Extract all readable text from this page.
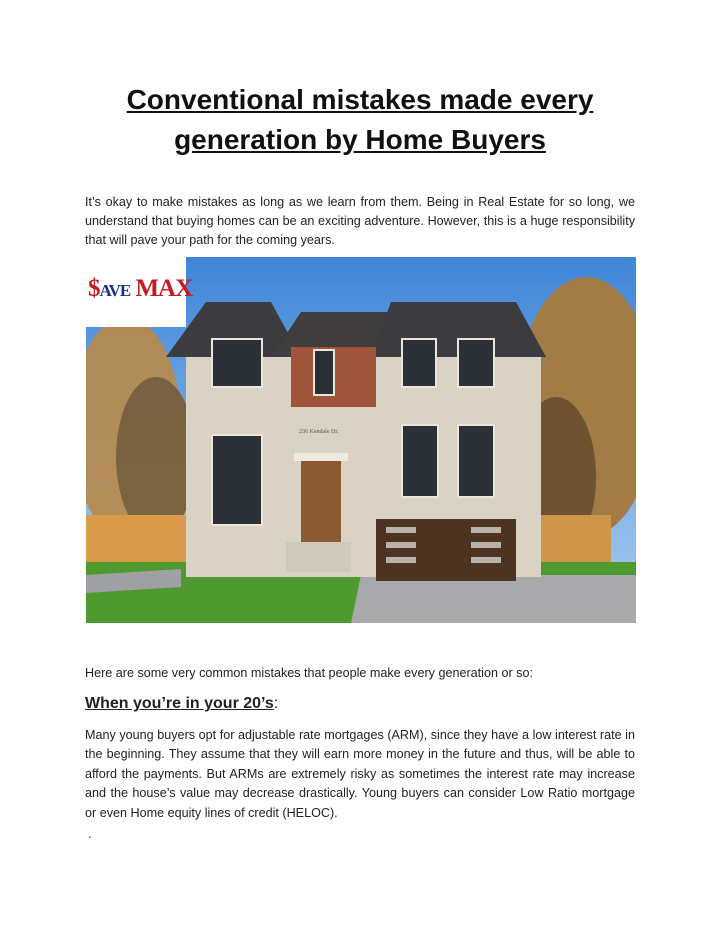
Conventional mistakes made every generation by Home Buyers

It’s okay to make mistakes as long as we learn from them. Being in Real Estate for so long, we understand that buying homes can be an exciting adventure. However, this is a huge responsibility that will pave your path for the coming years.

$AVE MAX
236 Kendale Dr.

Here are some very common mistakes that people make every generation or so:

When you’re in your 20’s:

Many young buyers opt for adjustable rate mortgages (ARM), since they have a low interest rate in the beginning. They assume that they will earn more money in the future and thus, will be able to afford the payments. But ARMs are extremely risky as sometimes the interest rate may increase and the house’s value may decrease drastically. Young buyers can consider Low Ratio mortgage or even Home equity lines of credit (HELOC).

.
